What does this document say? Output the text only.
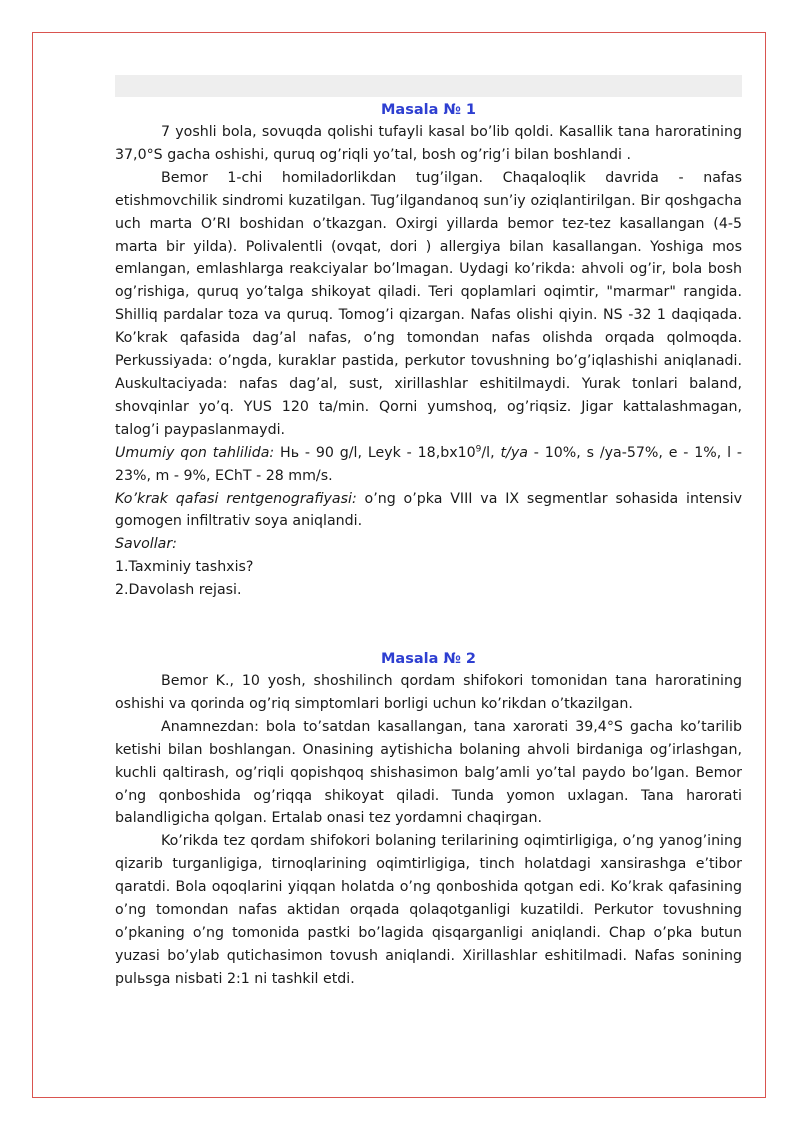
Masala № 1

7 yoshli bola, sovuqda qolishi tufayli kasal bo’lib qoldi. Kasallik tana haroratining 37,0°S gacha oshishi, quruq og’riqli yo’tal, bosh og’rig’i bilan boshlandi .

Bemor 1-chi homiladorlikdan tug’ilgan. Chaqaloqlik davrida - nafas etishmovchilik sindromi kuzatilgan. Tug’ilgandanoq sun’iy oziqlantirilgan. Bir qoshgacha uch marta O’RI boshidan o’tkazgan. Oxirgi yillarda bemor tez-tez kasallangan (4-5 marta bir yilda). Polivalentli (ovqat, dori ) allergiya bilan kasallangan. Yoshiga mos emlangan, emlashlarga reakciyalar bo’lmagan. Uydagi ko’rikda: ahvoli og’ir, bola bosh og’rishiga, quruq yo’talga shikoyat qiladi. Teri qoplamlari oqimtir, "marmar" rangida. Shilliq pardalar toza va quruq. Tomog’i qizargan. Nafas olishi qiyin. NS -32 1 daqiqada. Ko’krak qafasida dag’al nafas, o’ng tomondan nafas olishda orqada qolmoqda. Perkussiyada: o’ngda, kuraklar pastida, perkutor tovushning bo’g’iqlashishi aniqlanadi. Auskultaciyada: nafas dag’al, sust, xirillashlar eshitilmaydi. Yurak tonlari baland, shovqinlar yo’q. YUS 120 ta/min. Qorni yumshoq, og’riqsiz. Jigar kattalashmagan, talog’i paypaslanmaydi.

Umumiy qon tahlilida: Hь - 90 g/l, Leyk - $18,bx10^9/l$, t/ya - 10%, s /ya-57%, e - 1%, l - 23%, m - 9%, EChT - 28 mm/s.

Ko’krak qafasi rentgenografiyasi: o’ng o’pka VIII va IX segmentlar sohasida intensiv gomogen infiltrativ soya aniqlandi.

Savollar:

1.Taxminiy tashxis?

2.Davolash rejasi.

Masala № 2

Bemor K., 10 yosh, shoshilinch qordam shifokori tomonidan tana haroratining oshishi va qorinda og’riq simptomlari borligi uchun ko’rikdan o’tkazilgan.

Anamnezdan: bola to’satdan kasallangan, tana xarorati 39,4°S gacha ko’tarilib ketishi bilan boshlangan. Onasining aytishicha bolaning ahvoli birdaniga og’irlashgan, kuchli qaltirash, og’riqli qopishqoq shishasimon balg’amli yo’tal paydo bo’lgan. Bemor o’ng qonboshida og’riqqa shikoyat qiladi. Tunda yomon uxlagan. Tana harorati balandligicha qolgan. Ertalab onasi tez yordamni chaqirgan.

Ko’rikda tez qordam shifokori bolaning terilarining oqimtirligiga, o’ng yanog’ining qizarib turganligiga, tirnoqlarining oqimtirligiga, tinch holatdagi xansirashga e’tibor qaratdi. Bola oqoqlarini yiqqan holatda o’ng qonboshida qotgan edi. Ko’krak qafasining o’ng tomondan nafas aktidan orqada qolaqotganligi kuzatildi. Perkutor tovushning o’pkaning o’ng tomonida pastki bo’lagida qisqarganligi aniqlandi. Chap o’pka butun yuzasi bo’ylab qutichasimon tovush aniqlandi. Xirillashlar eshitilmadi. Nafas sonining pulьsga nisbati 2:1 ni tashkil etdi.
